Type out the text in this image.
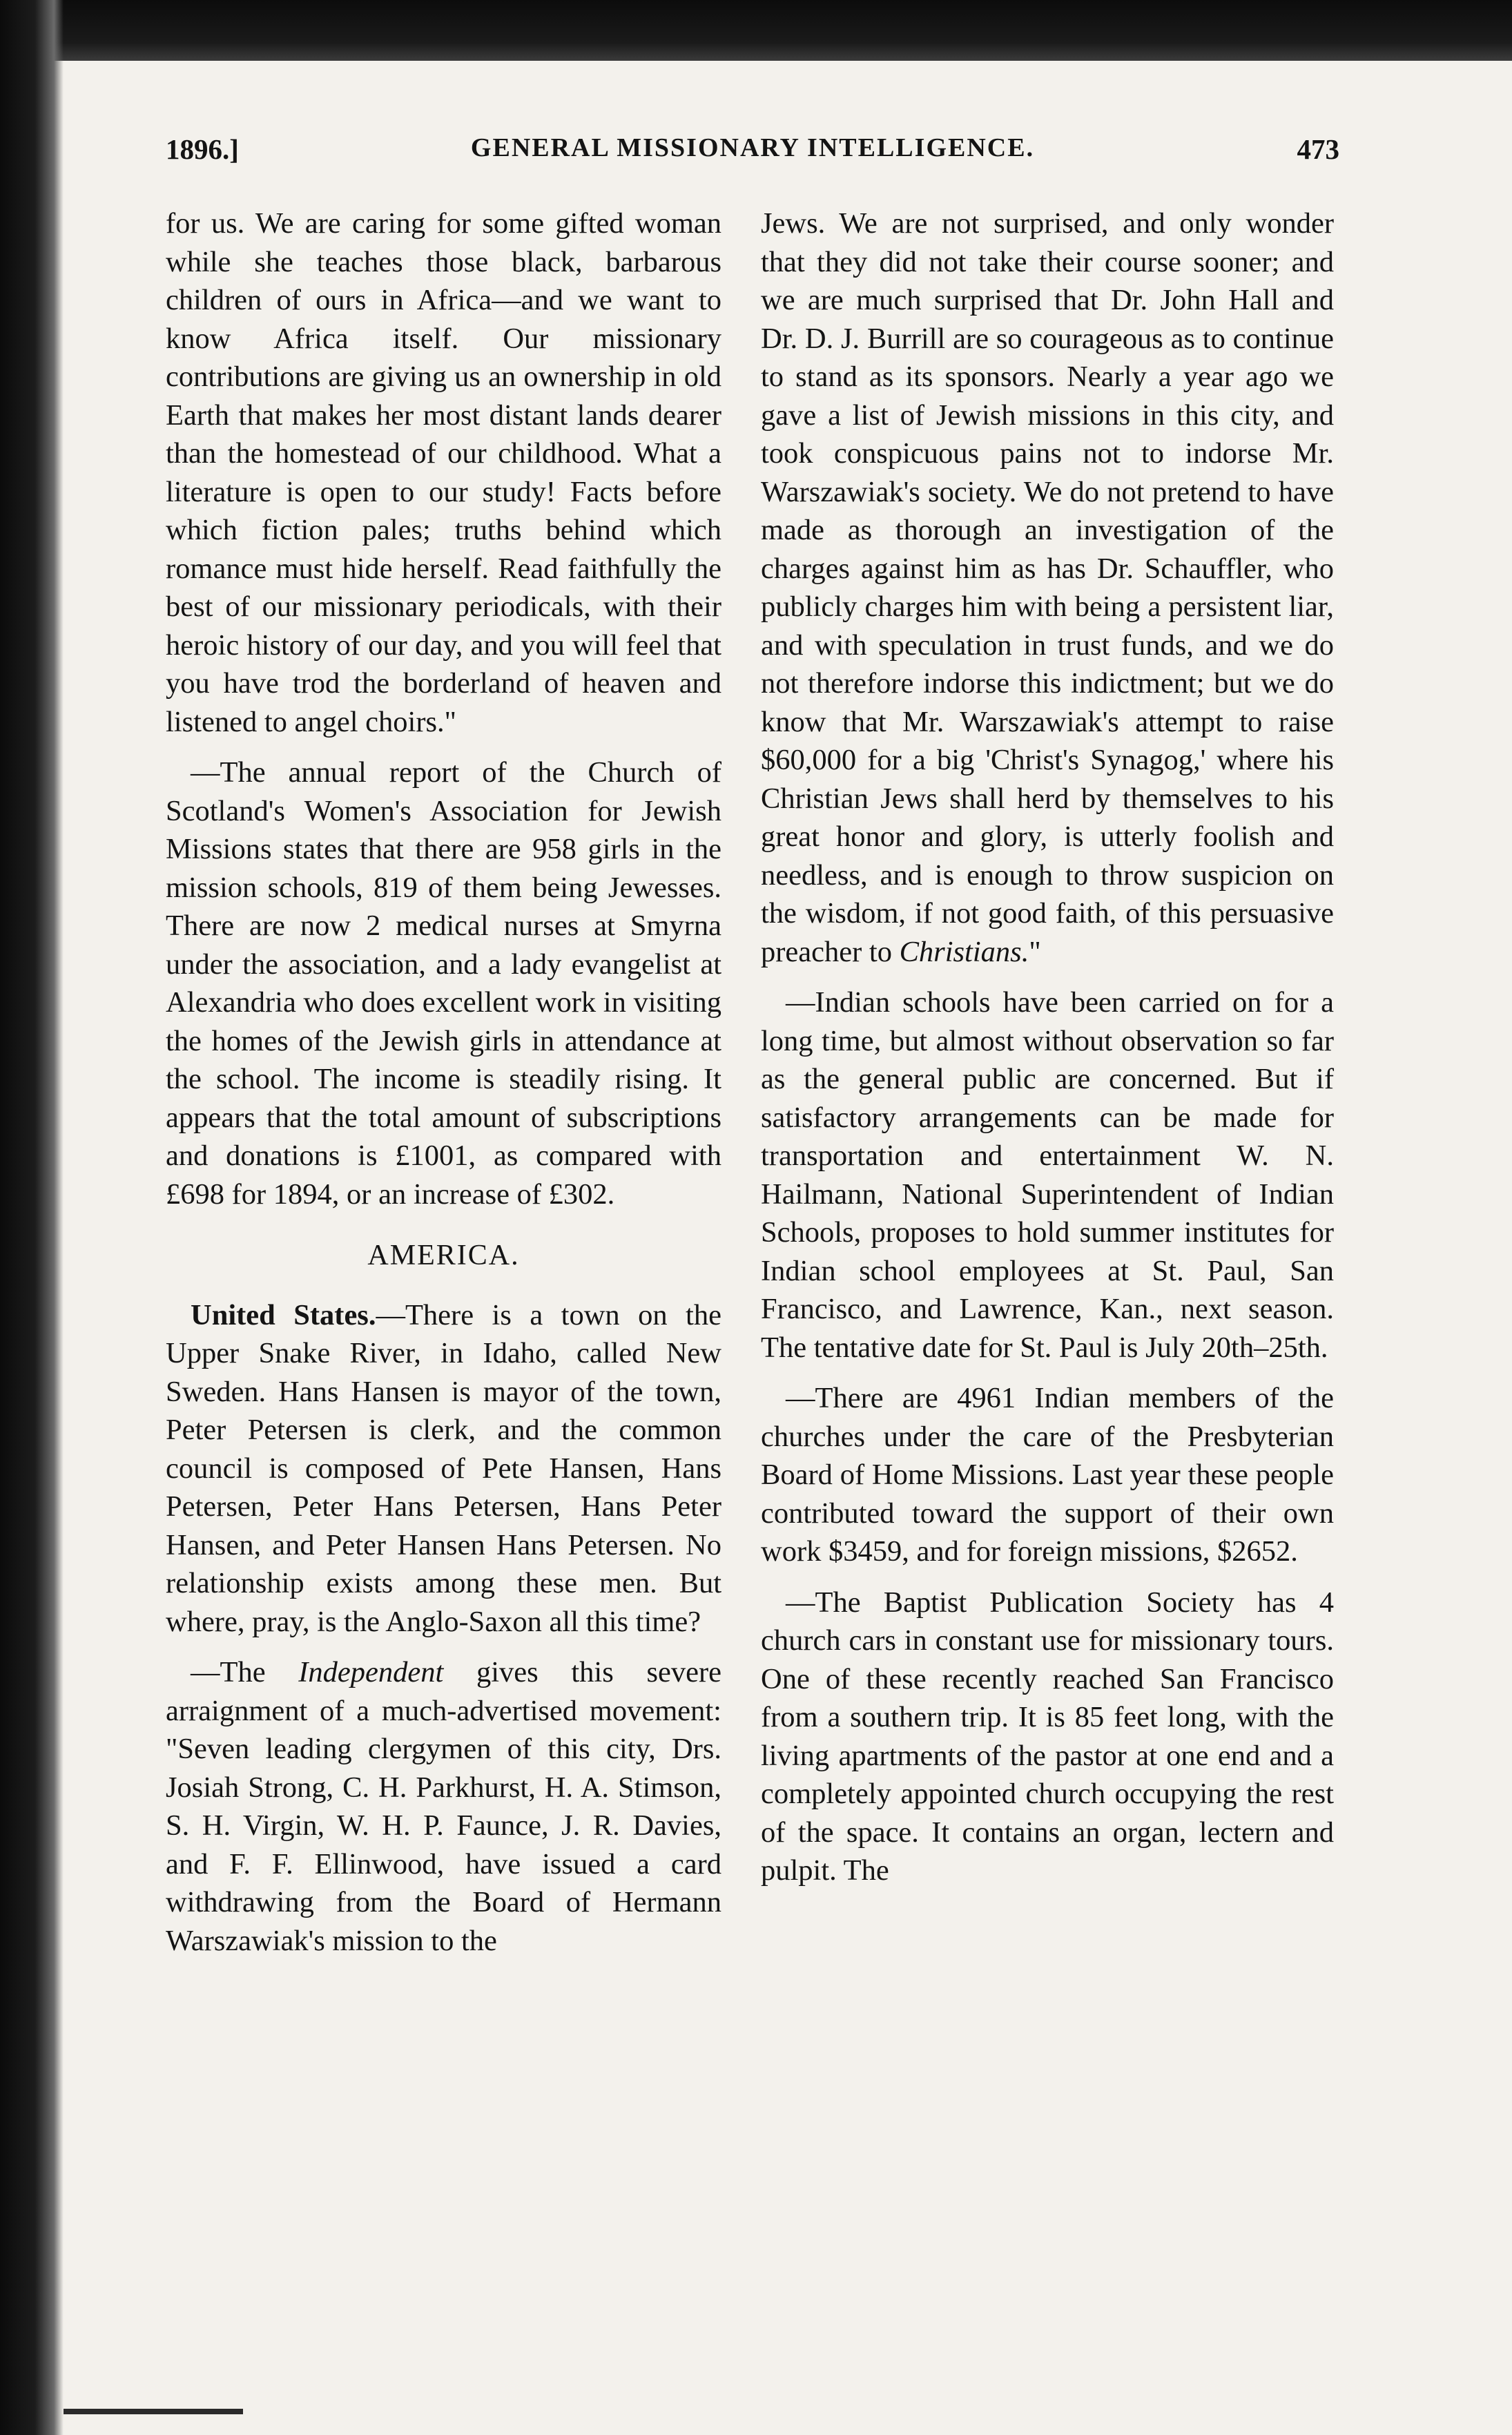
GENERAL MISSIONARY INTELLIGENCE.
1896.]	473

for us. We are caring for some gifted woman while she teaches those black, barbarous children of ours in Africa—and we want to know Africa itself. Our missionary contributions are giving us an ownership in old Earth that makes her most distant lands dearer than the homestead of our childhood. What a literature is open to our study! Facts before which fiction pales; truths behind which romance must hide herself. Read faithfully the best of our missionary periodicals, with their heroic history of our day, and you will feel that you have trod the borderland of heaven and listened to angel choirs."

—The annual report of the Church of Scotland's Women's Association for Jewish Missions states that there are 958 girls in the mission schools, 819 of them being Jewesses. There are now 2 medical nurses at Smyrna under the association, and a lady evangelist at Alexandria who does excellent work in visiting the homes of the Jewish girls in attendance at the school. The income is steadily rising. It appears that the total amount of subscriptions and donations is £1001, as compared with £698 for 1894, or an increase of £302.

AMERICA.

United States.—There is a town on the Upper Snake River, in Idaho, called New Sweden. Hans Hansen is mayor of the town, Peter Petersen is clerk, and the common council is composed of Pete Hansen, Hans Petersen, Peter Hans Petersen, Hans Peter Hansen, and Peter Hansen Hans Petersen. No relationship exists among these men. But where, pray, is the Anglo-Saxon all this time?

—The Independent gives this severe arraignment of a much-advertised movement: "Seven leading clergymen of this city, Drs. Josiah Strong, C. H. Parkhurst, H. A. Stimson, S. H. Virgin, W. H. P. Faunce, J. R. Davies, and F. F. Ellinwood, have issued a card withdrawing from the Board of Hermann Warszawiak's mission to the

Jews. We are not surprised, and only wonder that they did not take their course sooner; and we are much surprised that Dr. John Hall and Dr. D. J. Burrill are so courageous as to continue to stand as its sponsors. Nearly a year ago we gave a list of Jewish missions in this city, and took conspicuous pains not to indorse Mr. Warszawiak's society. We do not pretend to have made as thorough an investigation of the charges against him as has Dr. Schauffler, who publicly charges him with being a persistent liar, and with speculation in trust funds, and we do not therefore indorse this indictment; but we do know that Mr. Warszawiak's attempt to raise $60,000 for a big 'Christ's Synagog,' where his Christian Jews shall herd by themselves to his great honor and glory, is utterly foolish and needless, and is enough to throw suspicion on the wisdom, if not good faith, of this persuasive preacher to Christians."

—Indian schools have been carried on for a long time, but almost without observation so far as the general public are concerned. But if satisfactory arrangements can be made for transportation and entertainment W. N. Hailmann, National Superintendent of Indian Schools, proposes to hold summer institutes for Indian school employees at St. Paul, San Francisco, and Lawrence, Kan., next season. The tentative date for St. Paul is July 20th–25th.

—There are 4961 Indian members of the churches under the care of the Presbyterian Board of Home Missions. Last year these people contributed toward the support of their own work $3459, and for foreign missions, $2652.

—The Baptist Publication Society has 4 church cars in constant use for missionary tours. One of these recently reached San Francisco from a southern trip. It is 85 feet long, with the living apartments of the pastor at one end and a completely appointed church occupying the rest of the space. It contains an organ, lectern and pulpit. The
